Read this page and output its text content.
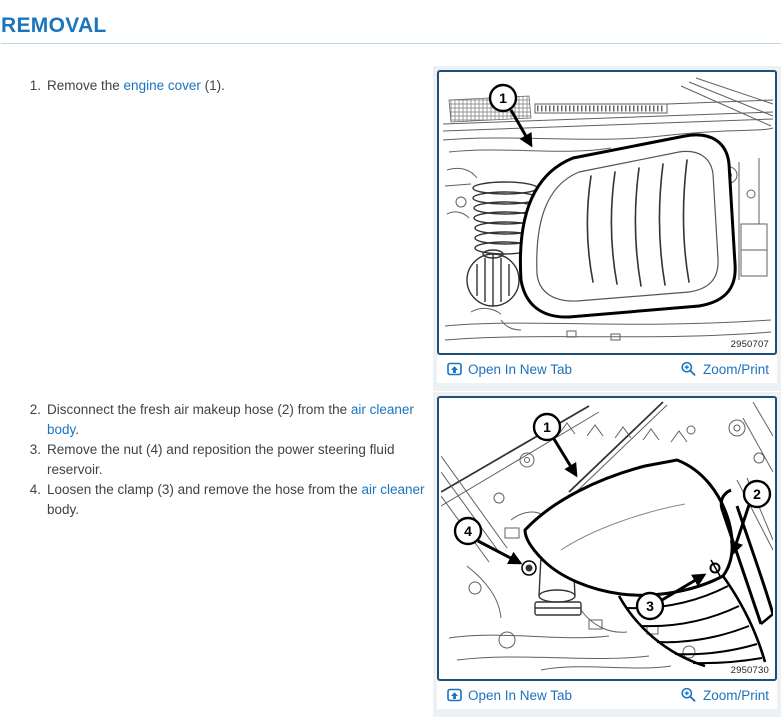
REMOVAL
1. Remove the engine cover (1).
1
2950707
Open In New Tab	Zoom/Print
2. Disconnect the fresh air makeup hose (2) from the air cleaner body.
3. Remove the nut (4) and reposition the power steering fluid reservoir.
4. Loosen the clamp (3) and remove the hose from the air cleaner body.
1
2
3
4
2950730
Open In New Tab	Zoom/Print
